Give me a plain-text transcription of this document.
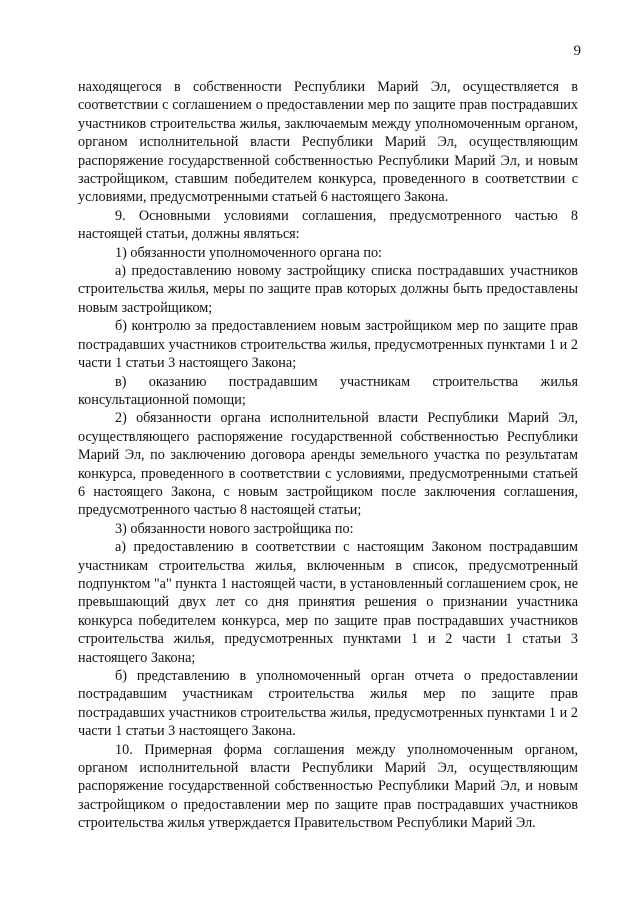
9

находящегося в собственности Республики Марий Эл, осуществляется в соответствии с соглашением о предоставлении мер по защите прав пострадавших участников строительства жилья, заключаемым между уполномоченным органом, органом исполнительной власти Республики Марий Эл, осуществляющим распоряжение государственной собственностью Республики Марий Эл, и новым застройщиком, ставшим победителем конкурса, проведенного в соответствии с условиями, предусмотренными статьей 6 настоящего Закона.

9. Основными условиями соглашения, предусмотренного частью 8 настоящей статьи, должны являться:

1) обязанности уполномоченного органа по:

а) предоставлению новому застройщику списка пострадавших участников строительства жилья, меры по защите прав которых должны быть предоставлены новым застройщиком;

б) контролю за предоставлением новым застройщиком мер по защите прав пострадавших участников строительства жилья, предусмотренных пунктами 1 и 2 части 1 статьи 3 настоящего Закона;

в) оказанию пострадавшим участникам строительства жилья консультационной помощи;

2) обязанности органа исполнительной власти Республики Марий Эл, осуществляющего распоряжение государственной собственностью Республики Марий Эл, по заключению договора аренды земельного участка по результатам конкурса, проведенного в соответствии с условиями, предусмотренными статьей 6 настоящего Закона, с новым застройщиком после заключения соглашения, предусмотренного частью 8 настоящей статьи;

3) обязанности нового застройщика по:

а) предоставлению в соответствии с настоящим Законом пострадавшим участникам строительства жилья, включенным в список, предусмотренный подпунктом "а" пункта 1 настоящей части, в установленный соглашением срок, не превышающий двух лет со дня принятия решения о признании участника конкурса победителем конкурса, мер по защите прав пострадавших участников строительства жилья, предусмотренных пунктами 1 и 2 части 1 статьи 3 настоящего Закона;

б) представлению в уполномоченный орган отчета о предоставлении пострадавшим участникам строительства жилья мер по защите прав пострадавших участников строительства жилья, предусмотренных пунктами 1 и 2 части 1 статьи 3 настоящего Закона.

10. Примерная форма соглашения между уполномоченным органом, органом исполнительной власти Республики Марий Эл, осуществляющим распоряжение государственной собственностью Республики Марий Эл, и новым застройщиком о предоставлении мер по защите прав пострадавших участников строительства жилья утверждается Правительством Республики Марий Эл.
